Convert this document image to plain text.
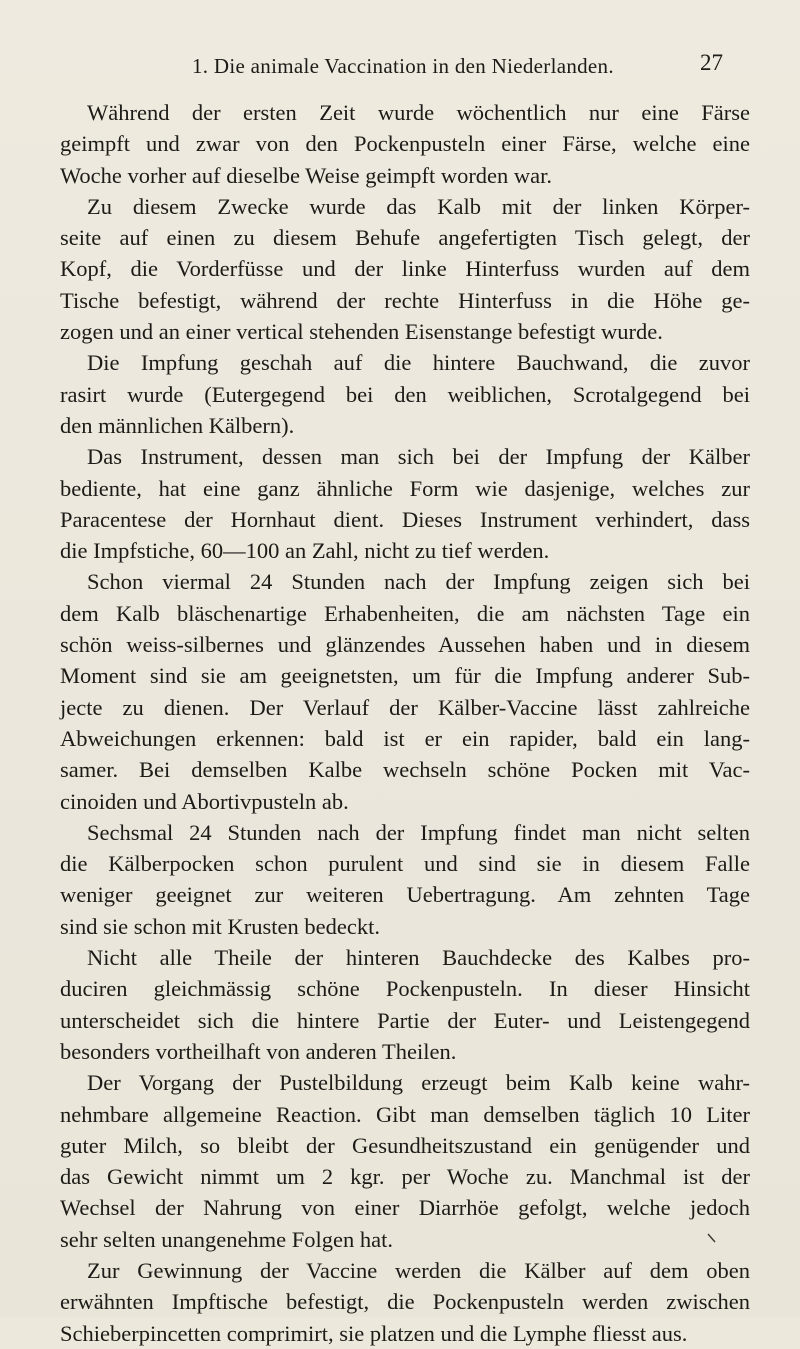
1. Die animale Vaccination in den Niederlanden.	27
Während der ersten Zeit wurde wöchentlich nur eine Färse
geimpft und zwar von den Pockenpusteln einer Färse, welche eine
Woche vorher auf dieselbe Weise geimpft worden war.
Zu diesem Zwecke wurde das Kalb mit der linken Körper-
seite auf einen zu diesem Behufe angefertigten Tisch gelegt, der
Kopf, die Vorderfüsse und der linke Hinterfuss wurden auf dem
Tische befestigt, während der rechte Hinterfuss in die Höhe ge-
zogen und an einer vertical stehenden Eisenstange befestigt wurde.
Die Impfung geschah auf die hintere Bauchwand, die zuvor
rasirt wurde (Eutergegend bei den weiblichen, Scrotalgegend bei
den männlichen Kälbern).
Das Instrument, dessen man sich bei der Impfung der Kälber
bediente, hat eine ganz ähnliche Form wie dasjenige, welches zur
Paracentese der Hornhaut dient. Dieses Instrument verhindert, dass
die Impfstiche, 60—100 an Zahl, nicht zu tief werden.
Schon viermal 24 Stunden nach der Impfung zeigen sich bei
dem Kalb bläschenartige Erhabenheiten, die am nächsten Tage ein
schön weiss-silbernes und glänzendes Aussehen haben und in diesem
Moment sind sie am geeignetsten, um für die Impfung anderer Sub-
jecte zu dienen. Der Verlauf der Kälber-Vaccine lässt zahlreiche
Abweichungen erkennen: bald ist er ein rapider, bald ein lang-
samer. Bei demselben Kalbe wechseln schöne Pocken mit Vac-
cinoiden und Abortivpusteln ab.
Sechsmal 24 Stunden nach der Impfung findet man nicht selten
die Kälberpocken schon purulent und sind sie in diesem Falle
weniger geeignet zur weiteren Uebertragung. Am zehnten Tage
sind sie schon mit Krusten bedeckt.
Nicht alle Theile der hinteren Bauchdecke des Kalbes pro-
duciren gleichmässig schöne Pockenpusteln. In dieser Hinsicht
unterscheidet sich die hintere Partie der Euter- und Leistengegend
besonders vortheilhaft von anderen Theilen.
Der Vorgang der Pustelbildung erzeugt beim Kalb keine wahr-
nehmbare allgemeine Reaction. Gibt man demselben täglich 10 Liter
guter Milch, so bleibt der Gesundheitszustand ein genügender und
das Gewicht nimmt um 2 kgr. per Woche zu. Manchmal ist der
Wechsel der Nahrung von einer Diarrhöe gefolgt, welche jedoch
sehr selten unangenehme Folgen hat.
Zur Gewinnung der Vaccine werden die Kälber auf dem oben
erwähnten Impftische befestigt, die Pockenpusteln werden zwischen
Schieberpincetten comprimirt, sie platzen und die Lymphe fliesst aus.
